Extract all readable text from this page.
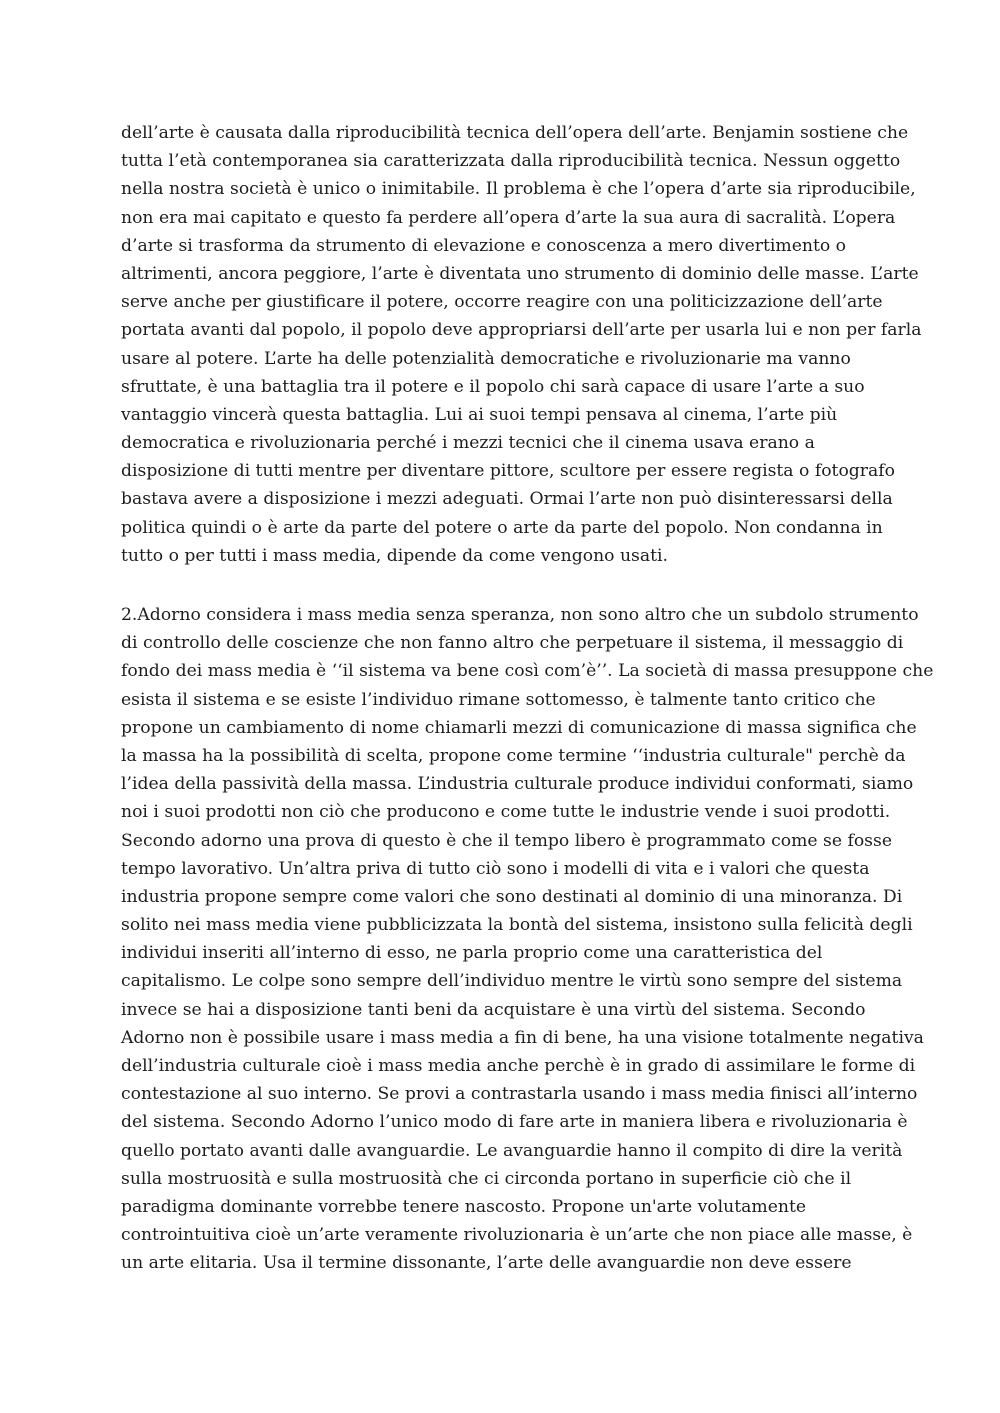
dell’arte è causata dalla riproducibilità tecnica dell’opera dell’arte. Benjamin sostiene che
tutta l’età contemporanea sia caratterizzata dalla riproducibilità tecnica. Nessun oggetto
nella nostra società è unico o inimitabile. Il problema è che l’opera d’arte sia riproducibile,
non era mai capitato e questo fa perdere all’opera d’arte la sua aura di sacralità. L’opera
d’arte si trasforma da strumento di elevazione e conoscenza a mero divertimento o
altrimenti, ancora peggiore, l’arte è diventata uno strumento di dominio delle masse. L’arte
serve anche per giustificare il potere, occorre reagire con una politicizzazione dell’arte
portata avanti dal popolo, il popolo deve appropriarsi dell’arte per usarla lui e non per farla
usare al potere. L’arte ha delle potenzialità democratiche e rivoluzionarie ma vanno
sfruttate, è una battaglia tra il potere e il popolo chi sarà capace di usare l’arte a suo
vantaggio vincerà questa battaglia. Lui ai suoi tempi pensava al cinema, l’arte più
democratica e rivoluzionaria perché i mezzi tecnici che il cinema usava erano a
disposizione di tutti mentre per diventare pittore, scultore per essere regista o fotografo
bastava avere a disposizione i mezzi adeguati. Ormai l’arte non può disinteressarsi della
politica quindi o è arte da parte del potere o arte da parte del popolo. Non condanna in
tutto o per tutti i mass media, dipende da come vengono usati.
2.Adorno considera i mass media senza speranza, non sono altro che un subdolo strumento
di controllo delle coscienze che non fanno altro che perpetuare il sistema, il messaggio di
fondo dei mass media è ‘‘il sistema va bene così com’è’’. La società di massa presuppone che
esista il sistema e se esiste l’individuo rimane sottomesso, è talmente tanto critico che
propone un cambiamento di nome chiamarli mezzi di comunicazione di massa significa che
la massa ha la possibilità di scelta, propone come termine ‘‘industria culturale" perchè da
l’idea della passività della massa. L’industria culturale produce individui conformati, siamo
noi i suoi prodotti non ciò che producono e come tutte le industrie vende i suoi prodotti.
Secondo adorno una prova di questo è che il tempo libero è programmato come se fosse
tempo lavorativo. Un’altra priva di tutto ciò sono i modelli di vita e i valori che questa
industria propone sempre come valori che sono destinati al dominio di una minoranza. Di
solito nei mass media viene pubblicizzata la bontà del sistema, insistono sulla felicità degli
individui inseriti all’interno di esso, ne parla proprio come una caratteristica del
capitalismo. Le colpe sono sempre dell’individuo mentre le virtù sono sempre del sistema
invece se hai a disposizione tanti beni da acquistare è una virtù del sistema. Secondo
Adorno non è possibile usare i mass media a fin di bene, ha una visione totalmente negativa
dell’industria culturale cioè i mass media anche perchè è in grado di assimilare le forme di
contestazione al suo interno. Se provi a contrastarla usando i mass media finisci all’interno
del sistema. Secondo Adorno l’unico modo di fare arte in maniera libera e rivoluzionaria è
quello portato avanti dalle avanguardie. Le avanguardie hanno il compito di dire la verità
sulla mostruosità e sulla mostruosità che ci circonda portano in superficie ciò che il
paradigma dominante vorrebbe tenere nascosto. Propone un'arte volutamente
controintuitiva cioè un’arte veramente rivoluzionaria è un’arte che non piace alle masse, è
un arte elitaria. Usa il termine dissonante, l’arte delle avanguardie non deve essere
